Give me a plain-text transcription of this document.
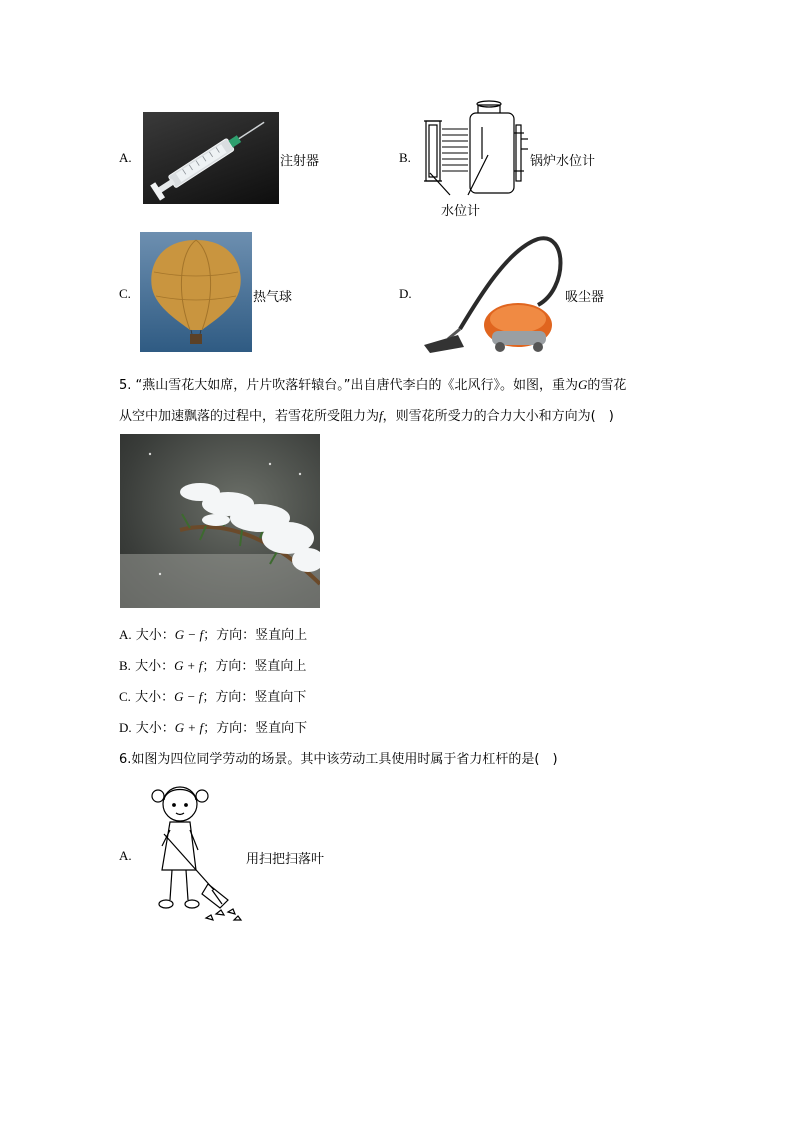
A.	注射器	B.	锅炉水位计
水位计
C.	热气球	D.	吸尘器
5. “燕山雪花大如席，片片吹落轩辕台。”出自唐代李白的《北风行》。如图，重为G的雪花
从空中加速飘落的过程中，若雪花所受阻力为f，则雪花所受力的合力大小和方向为(　)
A. 大小：G − f；方向：竖直向上
B. 大小：G + f；方向：竖直向上
C. 大小：G − f；方向：竖直向下
D. 大小：G + f；方向：竖直向下
6.如图为四位同学劳动的场景。其中该劳动工具使用时属于省力杠杆的是(　)
A.	用扫把扫落叶
